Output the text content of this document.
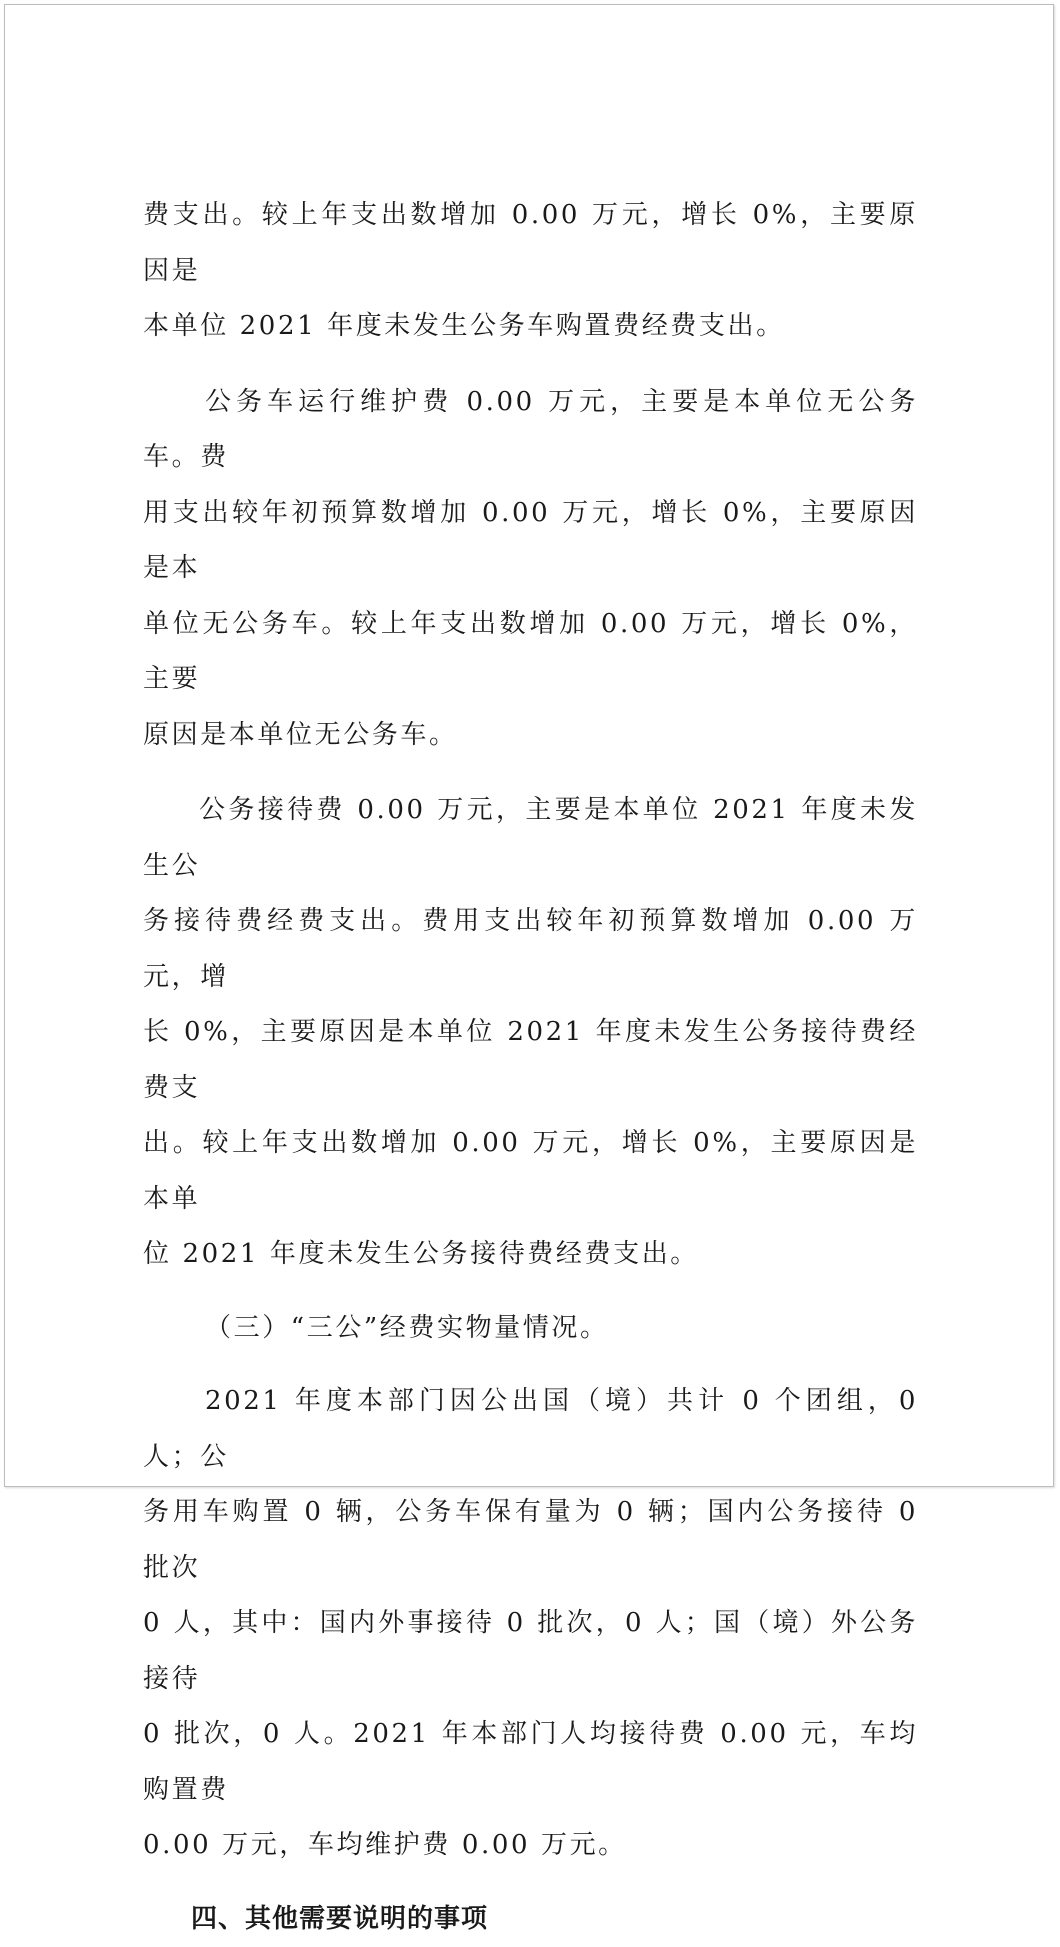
费支出。较上年支出数增加 0.00 万元，增长 0%，主要原因是
本单位 2021 年度未发生公务车购置费经费支出。
公务车运行维护费 0.00 万元，主要是本单位无公务车。费
用支出较年初预算数增加 0.00 万元，增长 0%，主要原因是本
单位无公务车。较上年支出数增加 0.00 万元，增长 0%，主要
原因是本单位无公务车。
公务接待费 0.00 万元，主要是本单位 2021 年度未发生公
务接待费经费支出。费用支出较年初预算数增加 0.00 万元，增
长 0%，主要原因是本单位 2021 年度未发生公务接待费经费支
出。较上年支出数增加 0.00 万元，增长 0%，主要原因是本单
位 2021 年度未发生公务接待费经费支出。
（三）“三公”经费实物量情况。
2021 年度本部门因公出国（境）共计 0 个团组，0 人；公
务用车购置 0 辆，公务车保有量为 0 辆；国内公务接待 0 批次
0 人，其中：国内外事接待 0 批次，0 人；国（境）外公务接待
0 批次，0 人。2021 年本部门人均接待费 0.00 元，车均购置费
0.00 万元，车均维护费 0.00 万元。
四、其他需要说明的事项
